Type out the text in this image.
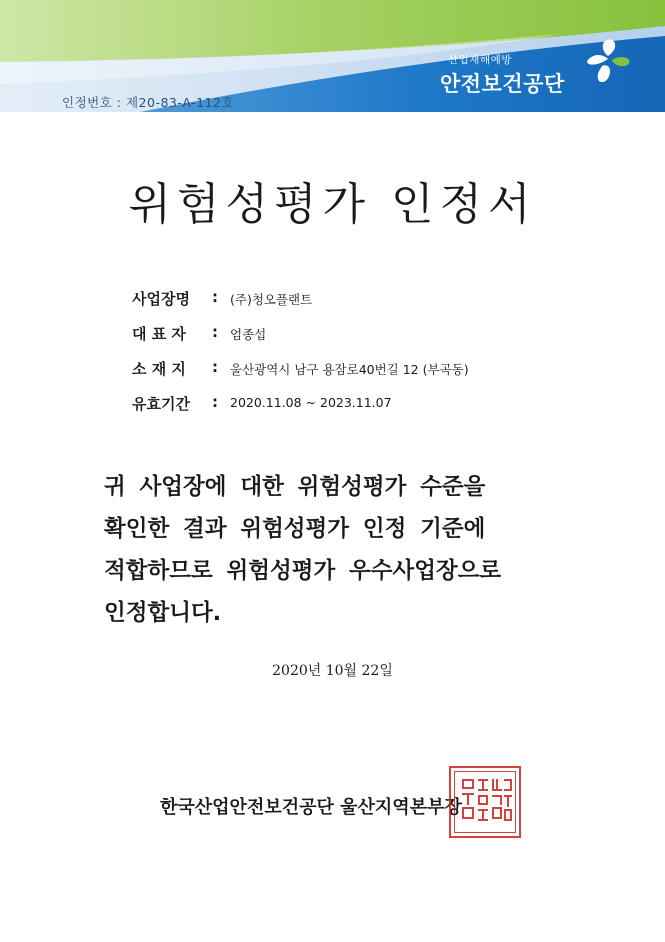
인정번호 : 제20-83-A-112호
산업재해예방
안전보건공단
위험성평가 인정서
사업장명	: (주)청오플랜트
대 표 자	: 엄종섭
소 재 지	: 울산광역시 남구 용잠로40번길 12 (부곡동)
유효기간	: 2020.11.08 ~ 2023.11.07
귀 사업장에 대한 위험성평가 수준을
확인한 결과 위험성평가 인정 기준에
적합하므로 위험성평가 우수사업장으로
인정합니다.
2020년 10월 22일
한국산업안전보건공단 울산지역본부장
